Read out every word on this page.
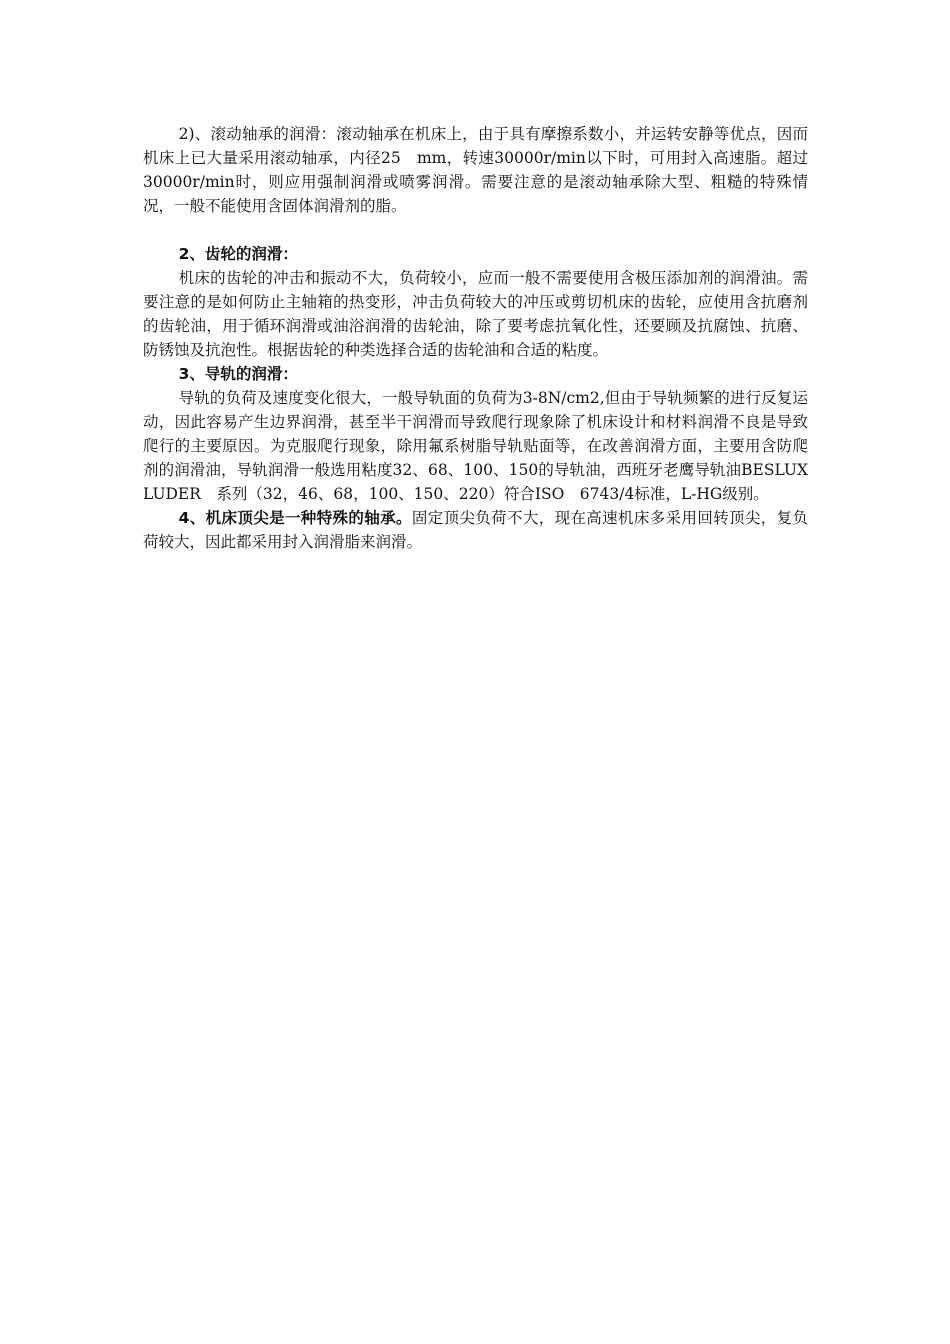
2)、滚动轴承的润滑：滚动轴承在机床上，由于具有摩擦系数小，并运转安静等优点，因而机床上已大量采用滚动轴承，内径25　mm，转速30000r/min以下时，可用封入高速脂。超过30000r/min时，则应用强制润滑或喷雾润滑。需要注意的是滚动轴承除大型、粗糙的特殊情况，一般不能使用含固体润滑剂的脂。

2、齿轮的润滑：

机床的齿轮的冲击和振动不大，负荷较小，应而一般不需要使用含极压添加剂的润滑油。需要注意的是如何防止主轴箱的热变形，冲击负荷较大的冲压或剪切机床的齿轮，应使用含抗磨剂的齿轮油，用于循环润滑或油浴润滑的齿轮油，除了要考虑抗氧化性，还要顾及抗腐蚀、抗磨、防锈蚀及抗泡性。根据齿轮的种类选择合适的齿轮油和合适的粘度。

3、导轨的润滑：

导轨的负荷及速度变化很大，一般导轨面的负荷为3-8N/cm2,但由于导轨频繁的进行反复运动，因此容易产生边界润滑，甚至半干润滑而导致爬行现象除了机床设计和材料润滑不良是导致爬行的主要原因。为克服爬行现象，除用氟系树脂导轨贴面等，在改善润滑方面，主要用含防爬剂的润滑油，导轨润滑一般选用粘度32、68、100、150的导轨油，西班牙老鹰导轨油BESLUX　LUDER　系列（32，46、68，100、150、220）符合ISO　6743/4标准，L-HG级别。

4、机床顶尖是一种特殊的轴承。固定顶尖负荷不大，现在高速机床多采用回转顶尖，复负荷较大，因此都采用封入润滑脂来润滑。
